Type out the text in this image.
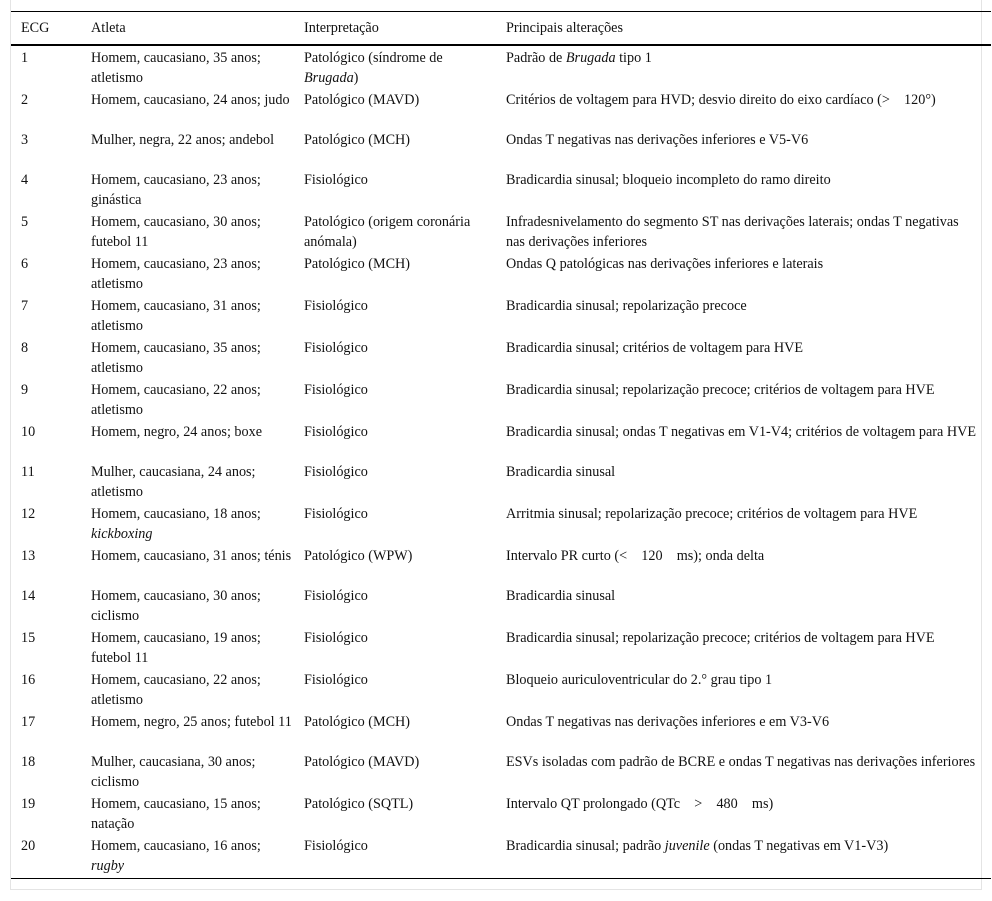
ECG	Atleta	Interpretação	Principais alterações
1	Homem, caucasiano, 35 anos; atletismo	Patológico (síndrome de Brugada)	Padrão de Brugada tipo 1

2	Homem, caucasiano, 24 anos; judo	Patológico (MAVD)	Critérios de voltagem para HVD; desvio direito do eixo cardíaco (> 120°)

3	Mulher, negra, 22 anos; andebol	Patológico (MCH)	Ondas T negativas nas derivações inferiores e V5-V6

4	Homem, caucasiano, 23 anos; ginástica	Fisiológico	Bradicardia sinusal; bloqueio incompleto do ramo direito

5	Homem, caucasiano, 30 anos; futebol 11	Patológico (origem coronária anómala)	Infradesnivelamento do segmento ST nas derivações laterais; ondas T negativas nas derivações inferiores

6	Homem, caucasiano, 23 anos; atletismo	Patológico (MCH)	Ondas Q patológicas nas derivações inferiores e laterais

7	Homem, caucasiano, 31 anos; atletismo	Fisiológico	Bradicardia sinusal; repolarização precoce

8	Homem, caucasiano, 35 anos; atletismo	Fisiológico	Bradicardia sinusal; critérios de voltagem para HVE

9	Homem, caucasiano, 22 anos; atletismo	Fisiológico	Bradicardia sinusal; repolarização precoce; critérios de voltagem para HVE

10	Homem, negro, 24 anos; boxe	Fisiológico	Bradicardia sinusal; ondas T negativas em V1-V4; critérios de voltagem para HVE

11	Mulher, caucasiana, 24 anos; atletismo	Fisiológico	Bradicardia sinusal

12	Homem, caucasiano, 18 anos; kickboxing	Fisiológico	Arritmia sinusal; repolarização precoce; critérios de voltagem para HVE

13	Homem, caucasiano, 31 anos; ténis	Patológico (WPW)	Intervalo PR curto (< 120 ms); onda delta

14	Homem, caucasiano, 30 anos; ciclismo	Fisiológico	Bradicardia sinusal

15	Homem, caucasiano, 19 anos; futebol 11	Fisiológico	Bradicardia sinusal; repolarização precoce; critérios de voltagem para HVE

16	Homem, caucasiano, 22 anos; atletismo	Fisiológico	Bloqueio auriculoventricular do 2.° grau tipo 1

17	Homem, negro, 25 anos; futebol 11	Patológico (MCH)	Ondas T negativas nas derivações inferiores e em V3-V6

18	Mulher, caucasiana, 30 anos; ciclismo	Patológico (MAVD)	ESVs isoladas com padrão de BCRE e ondas T negativas nas derivações inferiores

19	Homem, caucasiano, 15 anos; natação	Patológico (SQTL)	Intervalo QT prolongado (QTc > 480 ms)

20	Homem, caucasiano, 16 anos; rugby	Fisiológico	Bradicardia sinusal; padrão juvenile (ondas T negativas em V1-V3)
